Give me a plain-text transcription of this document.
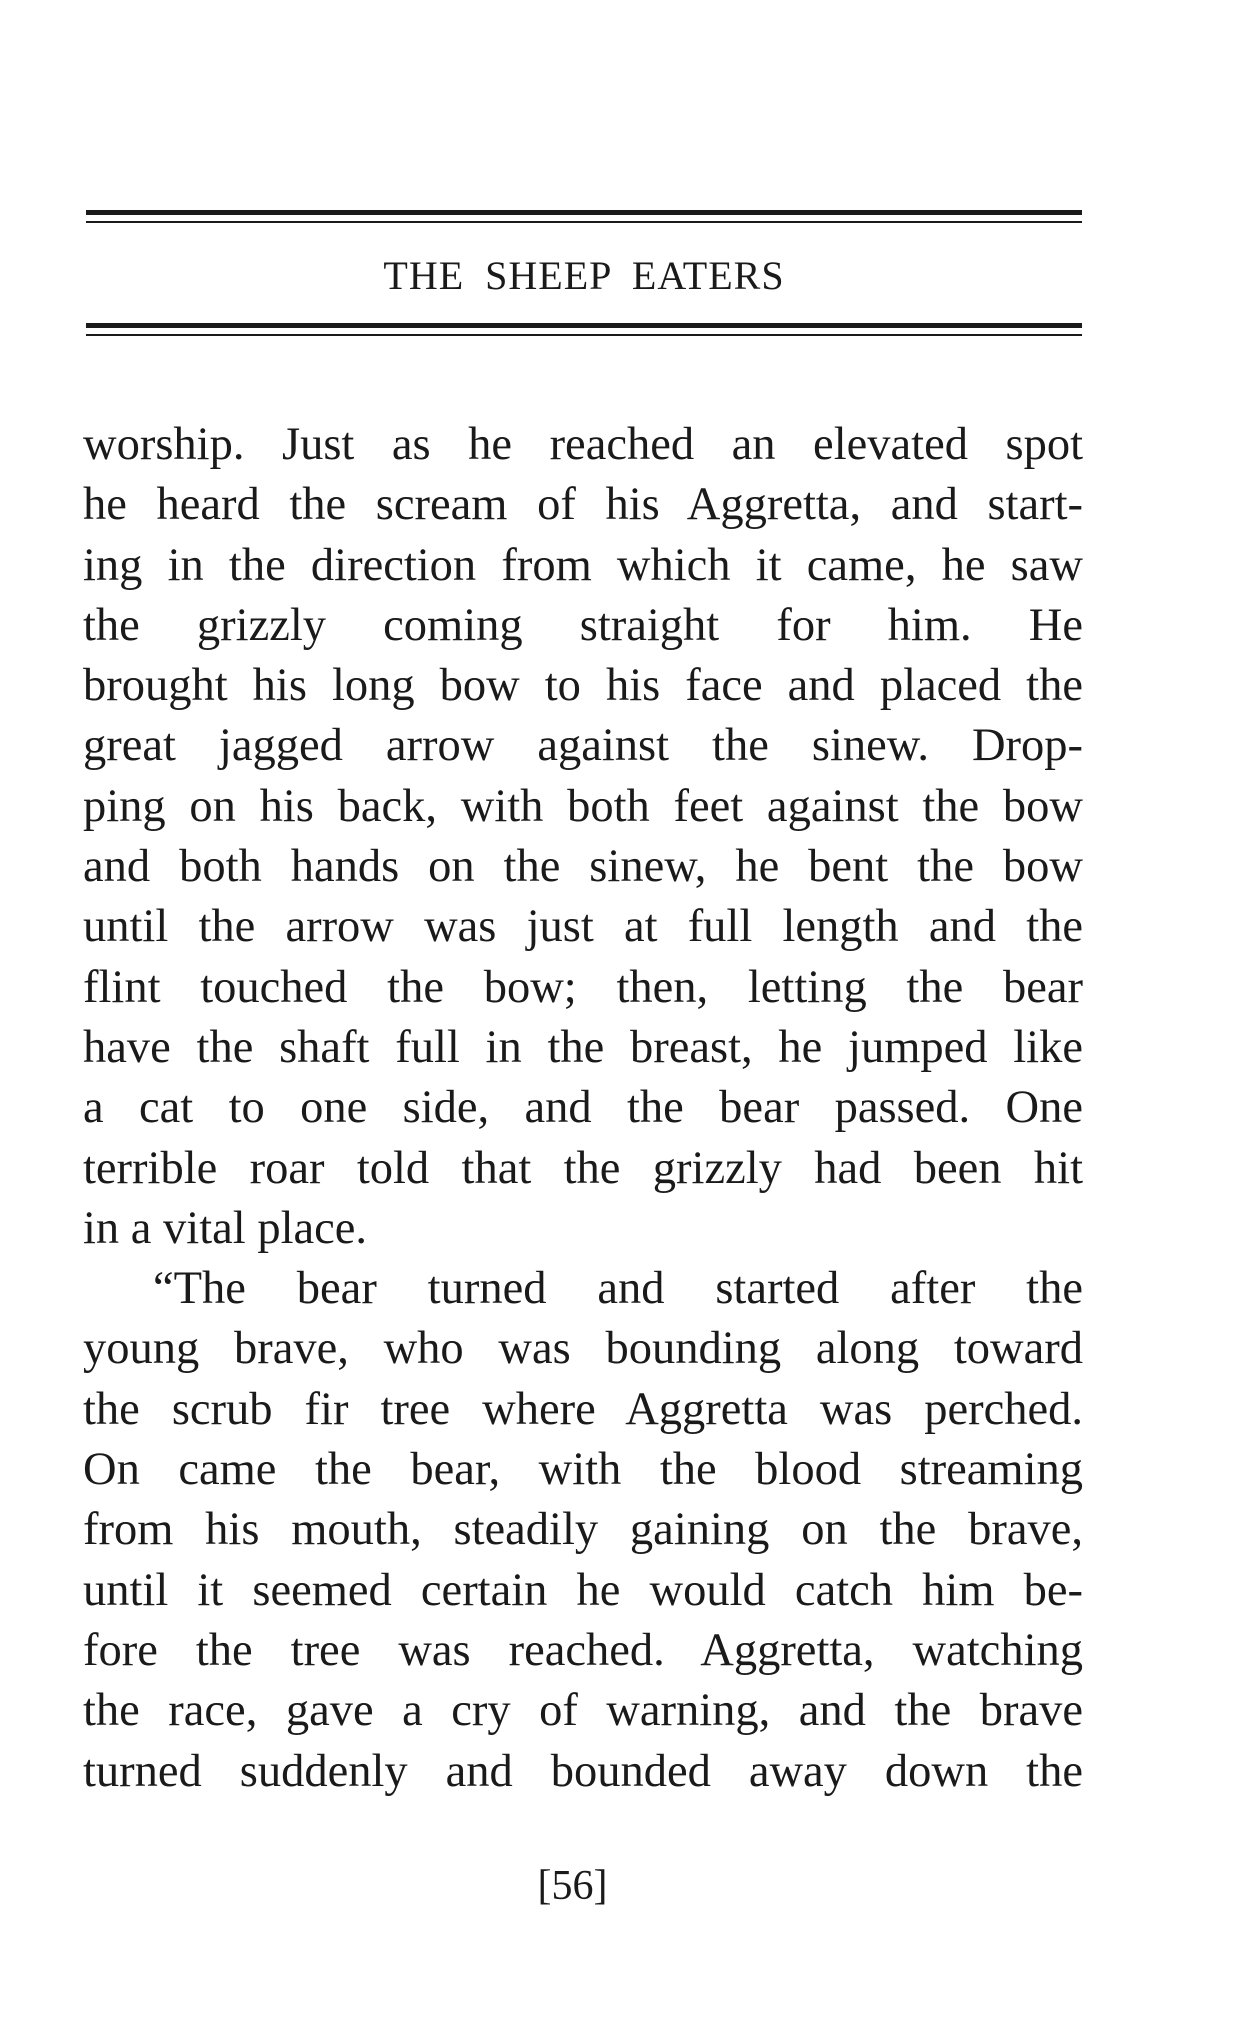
THE SHEEP EATERS
worship. Just as he reached an elevated spot
he heard the scream of his Aggretta, and start-
ing in the direction from which it came, he saw
the grizzly coming straight for him. He
brought his long bow to his face and placed the
great jagged arrow against the sinew. Drop-
ping on his back, with both feet against the bow
and both hands on the sinew, he bent the bow
until the arrow was just at full length and the
flint touched the bow; then, letting the bear
have the shaft full in the breast, he jumped like
a cat to one side, and the bear passed. One
terrible roar told that the grizzly had been hit
in a vital place.
“The bear turned and started after the
young brave, who was bounding along toward
the scrub fir tree where Aggretta was perched.
On came the bear, with the blood streaming
from his mouth, steadily gaining on the brave,
until it seemed certain he would catch him be-
fore the tree was reached. Aggretta, watching
the race, gave a cry of warning, and the brave
turned suddenly and bounded away down the
[56]
